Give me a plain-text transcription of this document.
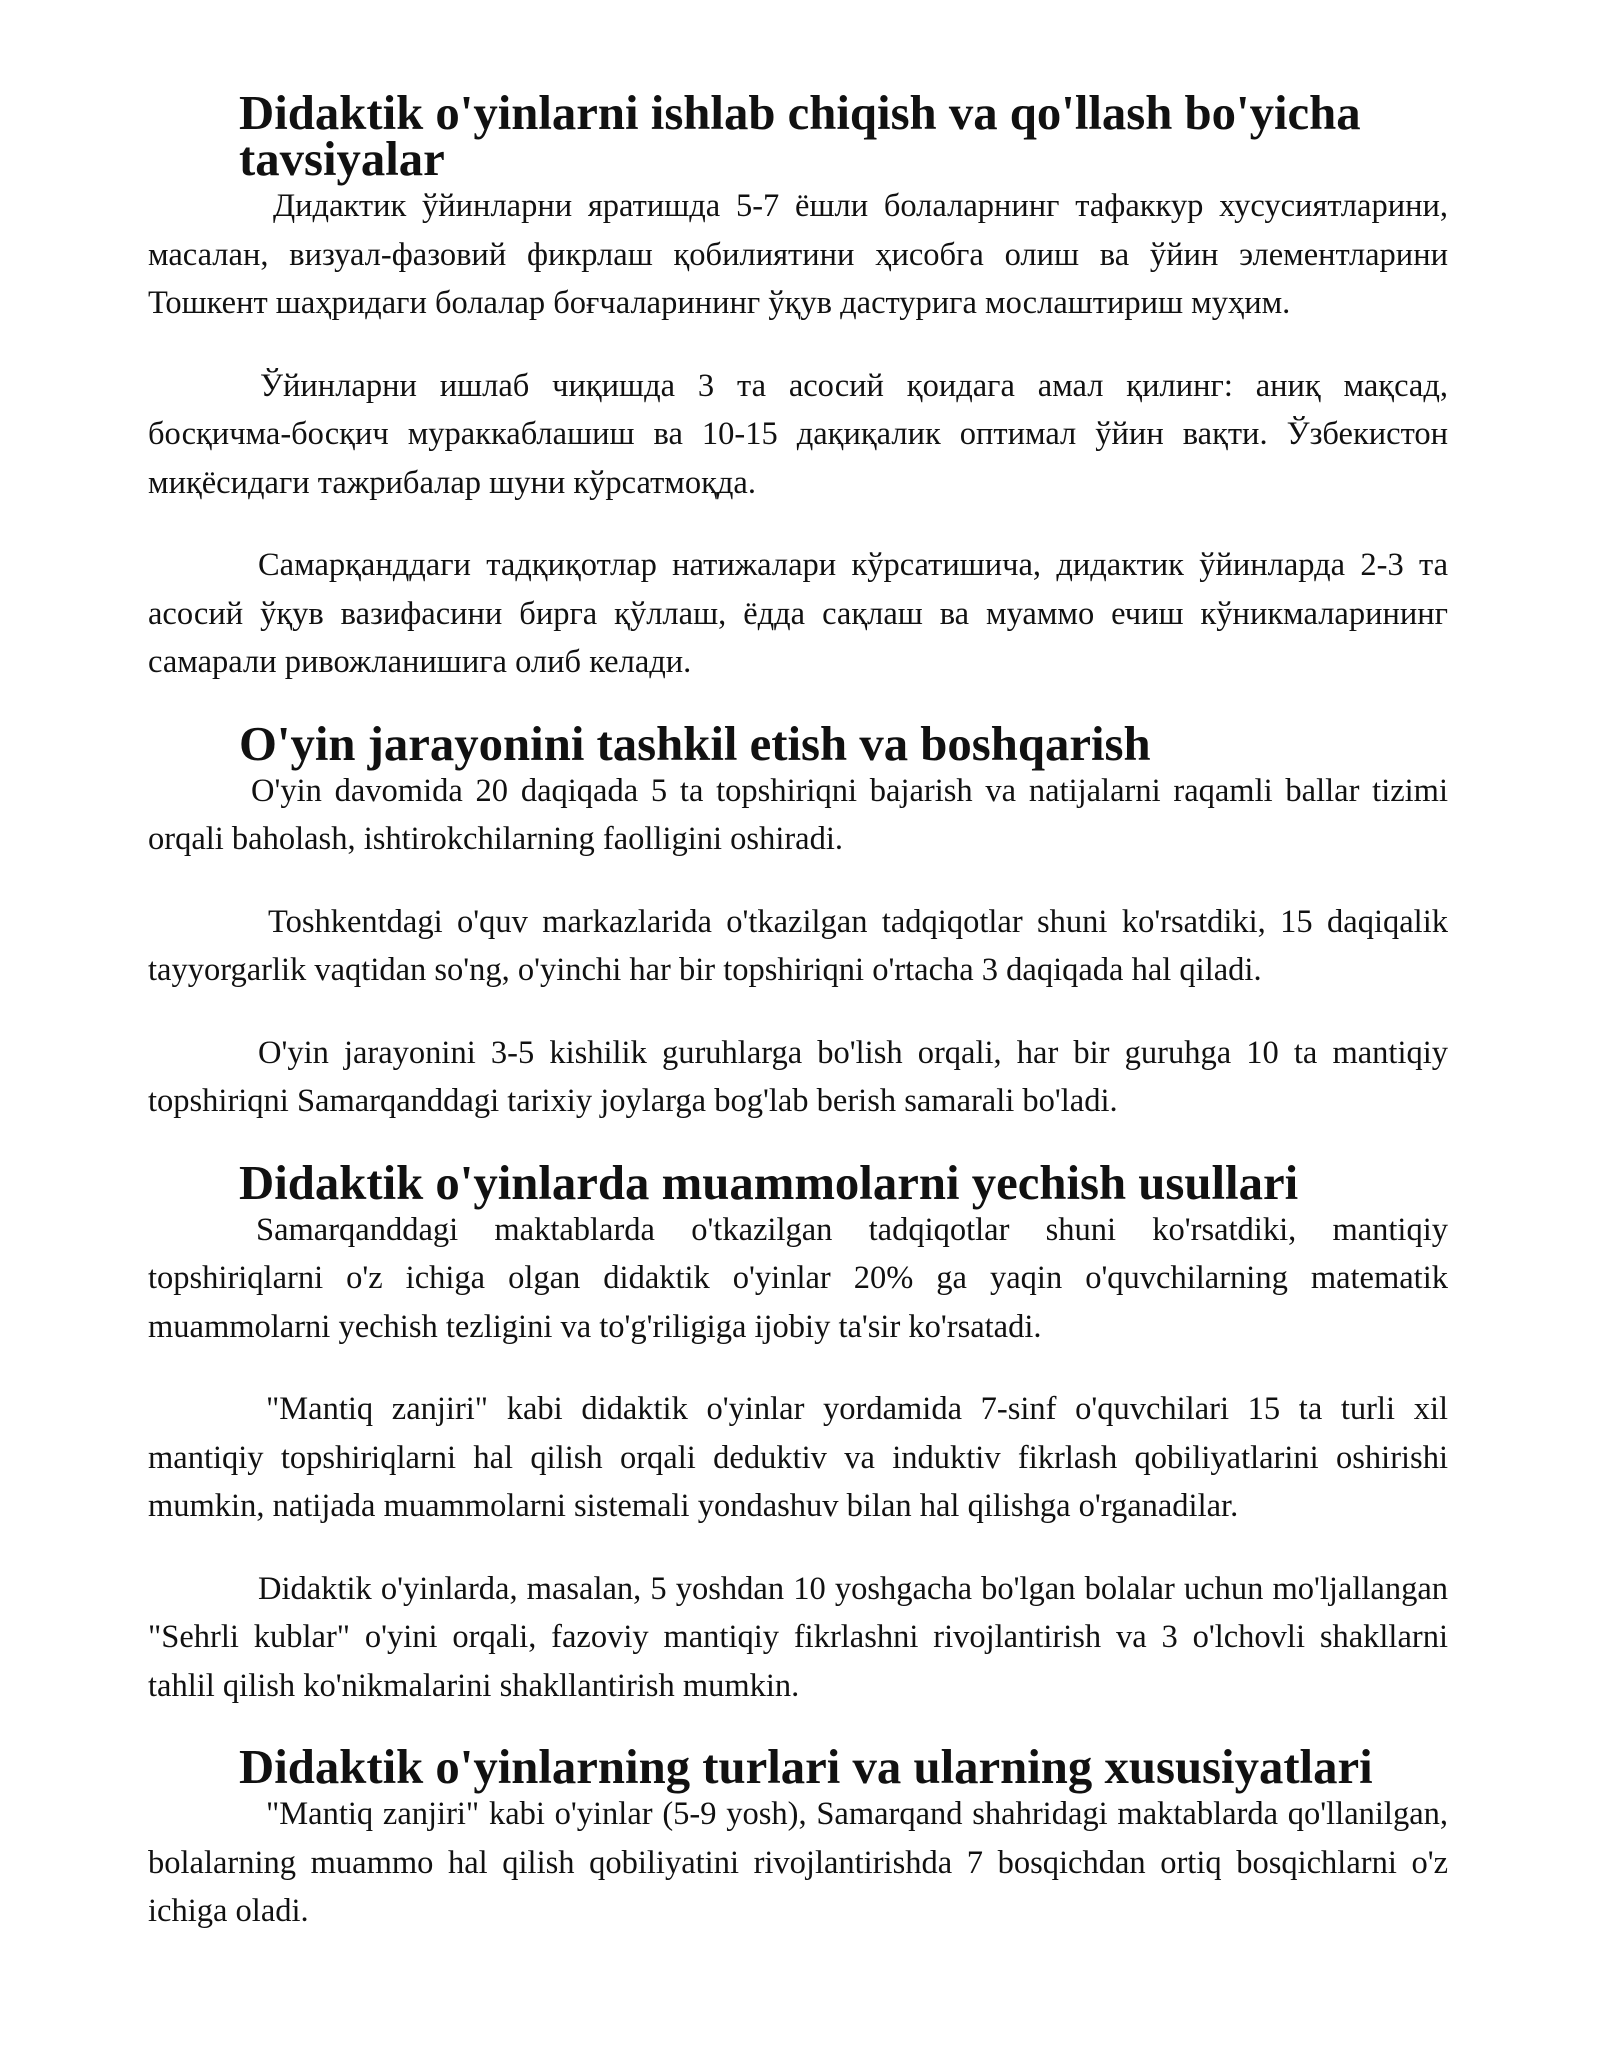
Didaktik o'yinlarni ishlab chiqish va qo'llash bo'yicha tavsiyalar

Дидактик ўйинларни яратишда 5-7 ёшли болаларнинг тафаккур хусусиятларини, масалан, визуал-фазовий фикрлаш қобилиятини ҳисобга олиш ва ўйин элементларини Тошкент шаҳридаги болалар боғчаларининг ўқув дастурига мослаштириш муҳим.

Ўйинларни ишлаб чиқишда 3 та асосий қоидага амал қилинг: аниқ мақсад, босқичма-босқич мураккаблашиш ва 10-15 дақиқалик оптимал ўйин вақти. Ўзбекистон миқёсидаги тажрибалар шуни кўрсатмоқда.

Самарқанддаги тадқиқотлар натижалари кўрсатишича, дидактик ўйинларда 2-3 та асосий ўқув вазифасини бирга қўллаш, ёдда сақлаш ва муаммо ечиш кўникмаларининг самарали ривожланишига олиб келади.

O'yin jarayonini tashkil etish va boshqarish

O'yin davomida 20 daqiqada 5 ta topshiriqni bajarish va natijalarni raqamli ballar tizimi orqali baholash, ishtirokchilarning faolligini oshiradi.

Toshkentdagi o'quv markazlarida o'tkazilgan tadqiqotlar shuni ko'rsatdiki, 15 daqiqalik tayyorgarlik vaqtidan so'ng, o'yinchi har bir topshiriqni o'rtacha 3 daqiqada hal qiladi.

O'yin jarayonini 3-5 kishilik guruhlarga bo'lish orqali, har bir guruhga 10 ta mantiqiy topshiriqni Samarqanddagi tarixiy joylarga bog'lab berish samarali bo'ladi.

Didaktik o'yinlarda muammolarni yechish usullari

Samarqanddagi maktablarda o'tkazilgan tadqiqotlar shuni ko'rsatdiki, mantiqiy topshiriqlarni o'z ichiga olgan didaktik o'yinlar 20% ga yaqin o'quvchilarning matematik muammolarni yechish tezligini va to'g'riligiga ijobiy ta'sir ko'rsatadi.

"Mantiq zanjiri" kabi didaktik o'yinlar yordamida 7-sinf o'quvchilari 15 ta turli xil mantiqiy topshiriqlarni hal qilish orqali deduktiv va induktiv fikrlash qobiliyatlarini oshirishi mumkin, natijada muammolarni sistemali yondashuv bilan hal qilishga o'rganadilar.

Didaktik o'yinlarda, masalan, 5 yoshdan 10 yoshgacha bo'lgan bolalar uchun mo'ljallangan "Sehrli kublar" o'yini orqali, fazoviy mantiqiy fikrlashni rivojlantirish va 3 o'lchovli shakllarni tahlil qilish ko'nikmalarini shakllantirish mumkin.

Didaktik o'yinlarning turlari va ularning xususiyatlari

"Mantiq zanjiri" kabi o'yinlar (5-9 yosh), Samarqand shahridagi maktablarda qo'llanilgan, bolalarning muammo hal qilish qobiliyatini rivojlantirishda 7 bosqichdan ortiq bosqichlarni o'z ichiga oladi.
